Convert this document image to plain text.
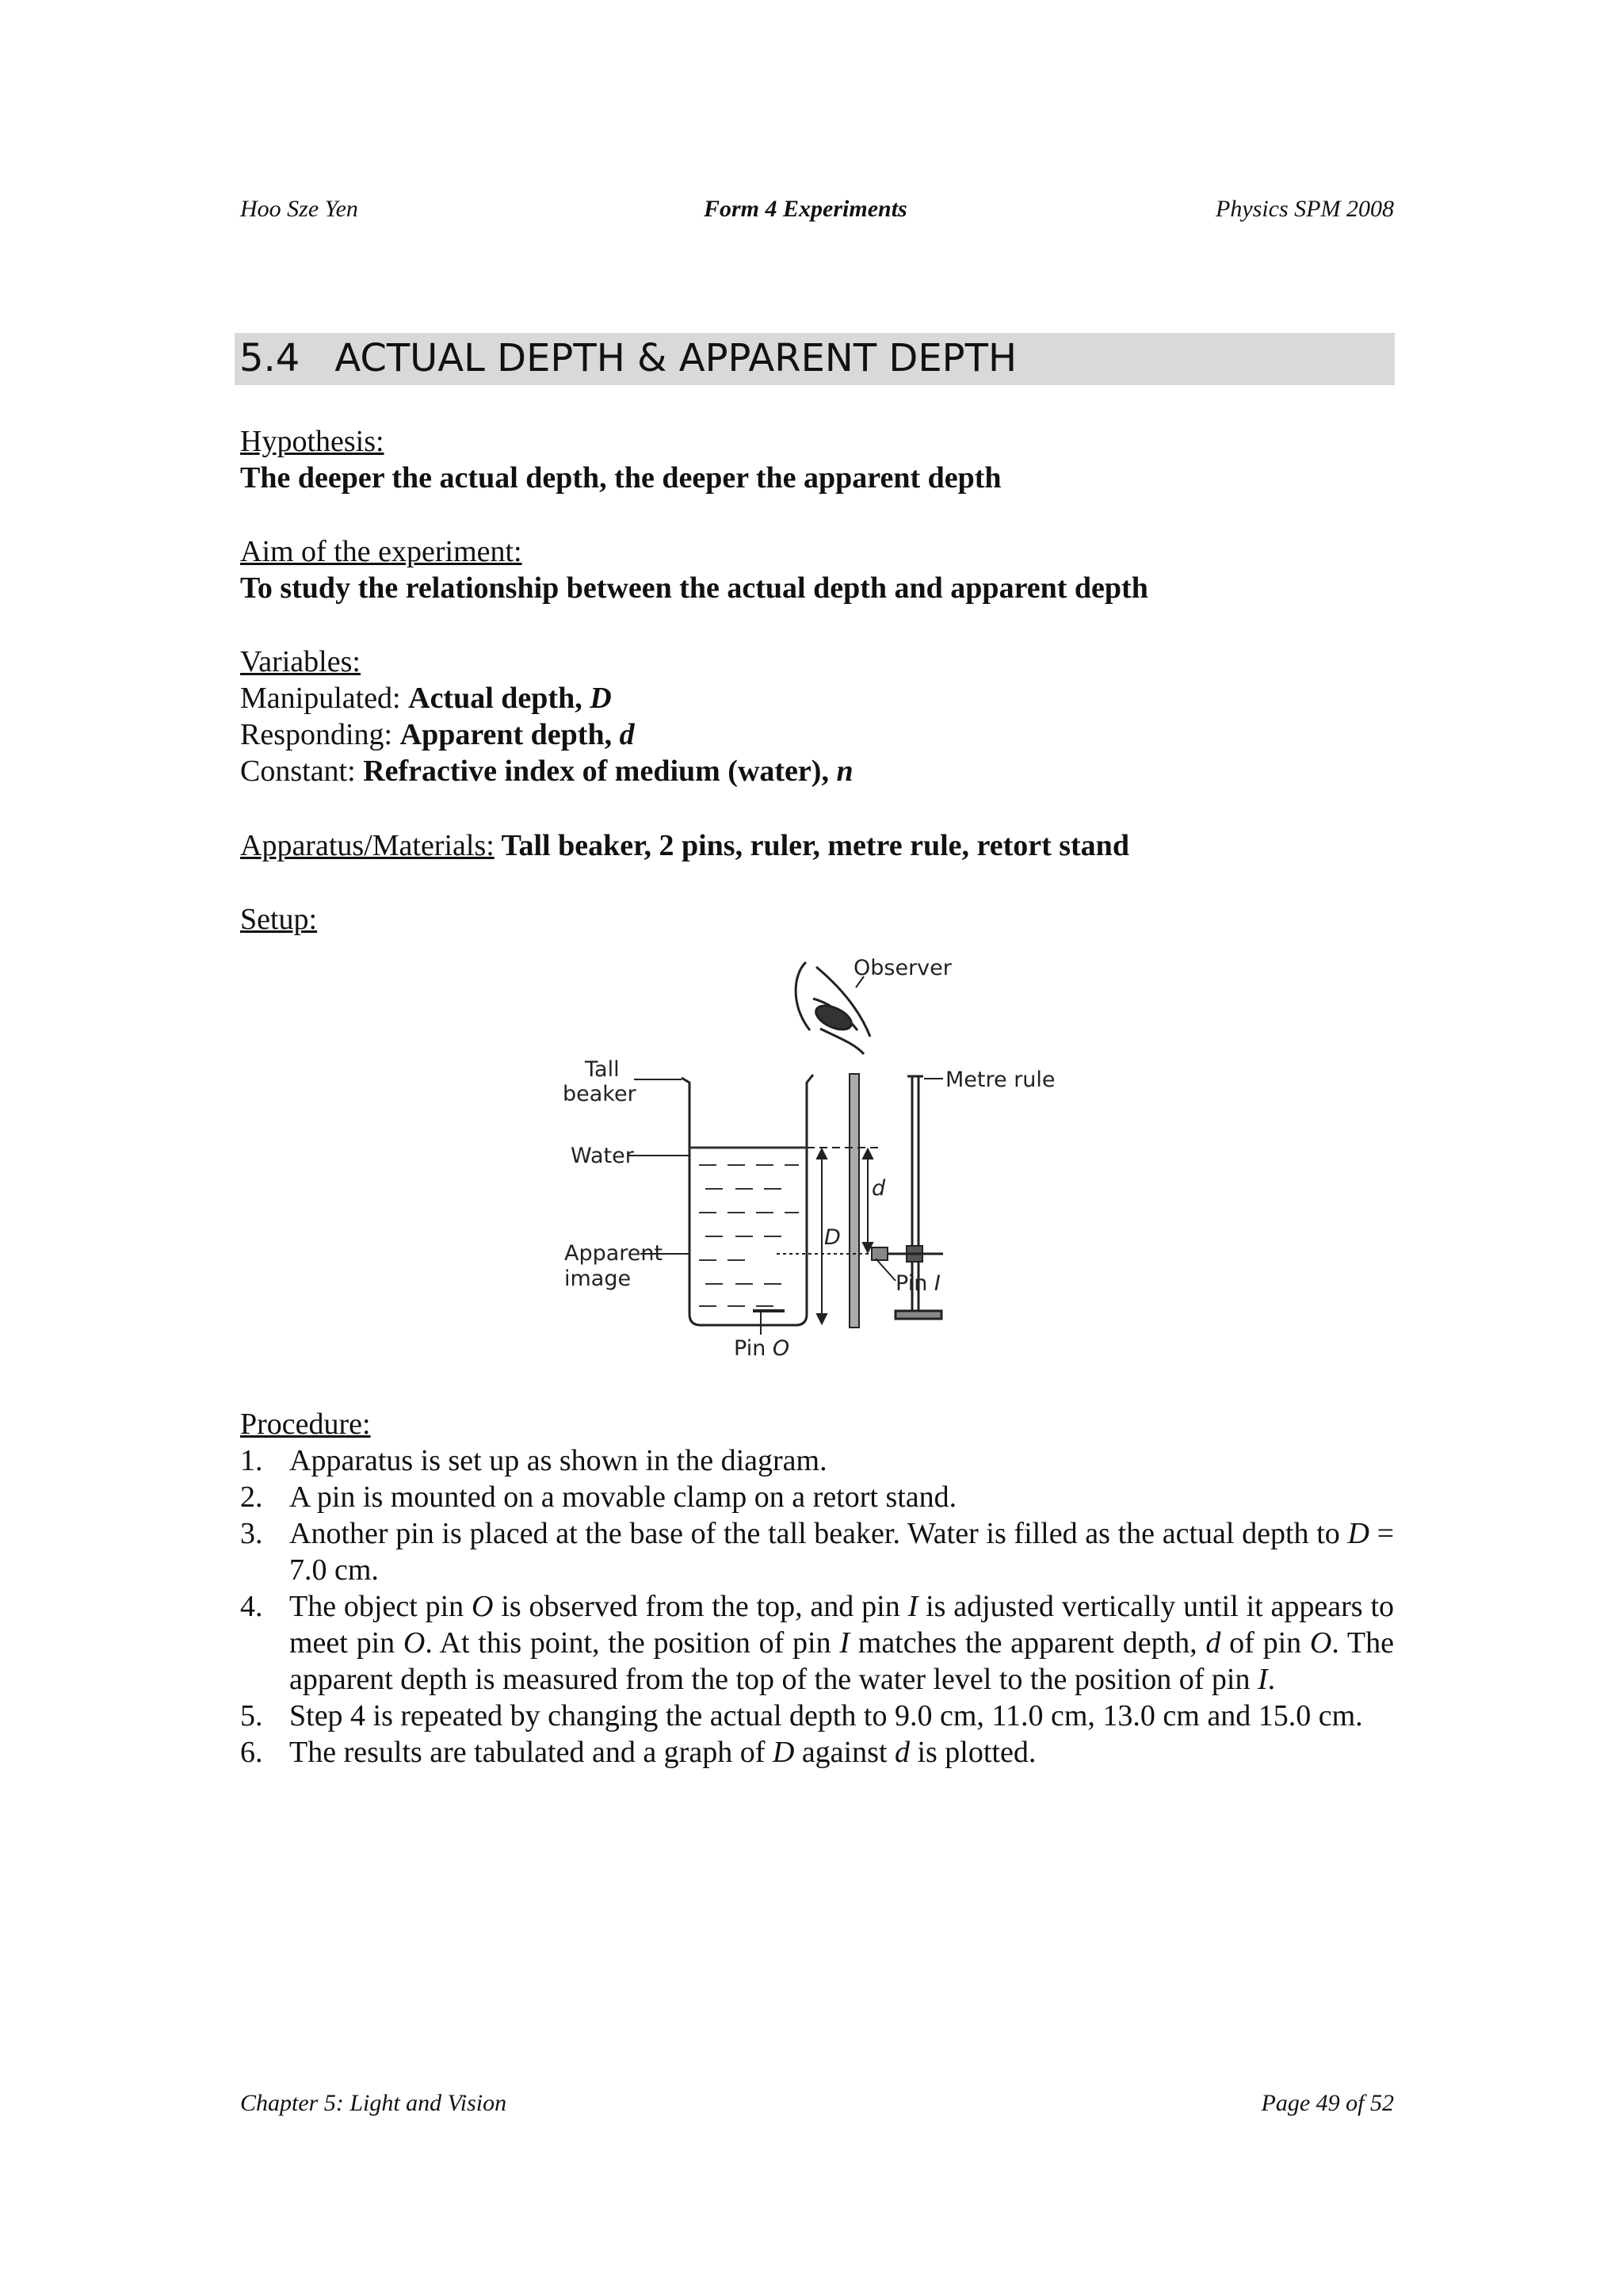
Hoo Sze Yen	Form 4 Experiments	Physics SPM 2008
5.4 ACTUAL DEPTH & APPARENT DEPTH
Hypothesis:
The deeper the actual depth, the deeper the apparent depth
Aim of the experiment:
To study the relationship between the actual depth and apparent depth
Variables:
Manipulated: Actual depth, D
Responding: Apparent depth, d
Constant: Refractive index of medium (water), n
Apparatus/Materials: Tall beaker, 2 pins, ruler, metre rule, retort stand
Setup:
Observer
D
d
Tall
beaker
Metre rule
Water
Apparent
image	Pin I
Pin O
Procedure:
1. Apparatus is set up as shown in the diagram.
2. A pin is mounted on a movable clamp on a retort stand.
3. Another pin is placed at the base of the tall beaker. Water is filled as the actual depth to D = 7.0 cm.
4. The object pin O is observed from the top, and pin I is adjusted vertically until it appears to meet pin O. At this point, the position of pin I matches the apparent depth, d of pin O. The apparent depth is measured from the top of the water level to the position of pin I.
5. Step 4 is repeated by changing the actual depth to 9.0 cm, 11.0 cm, 13.0 cm and 15.0 cm.
6. The results are tabulated and a graph of D against d is plotted.
Chapter 5: Light and Vision	Page 49 of 52
